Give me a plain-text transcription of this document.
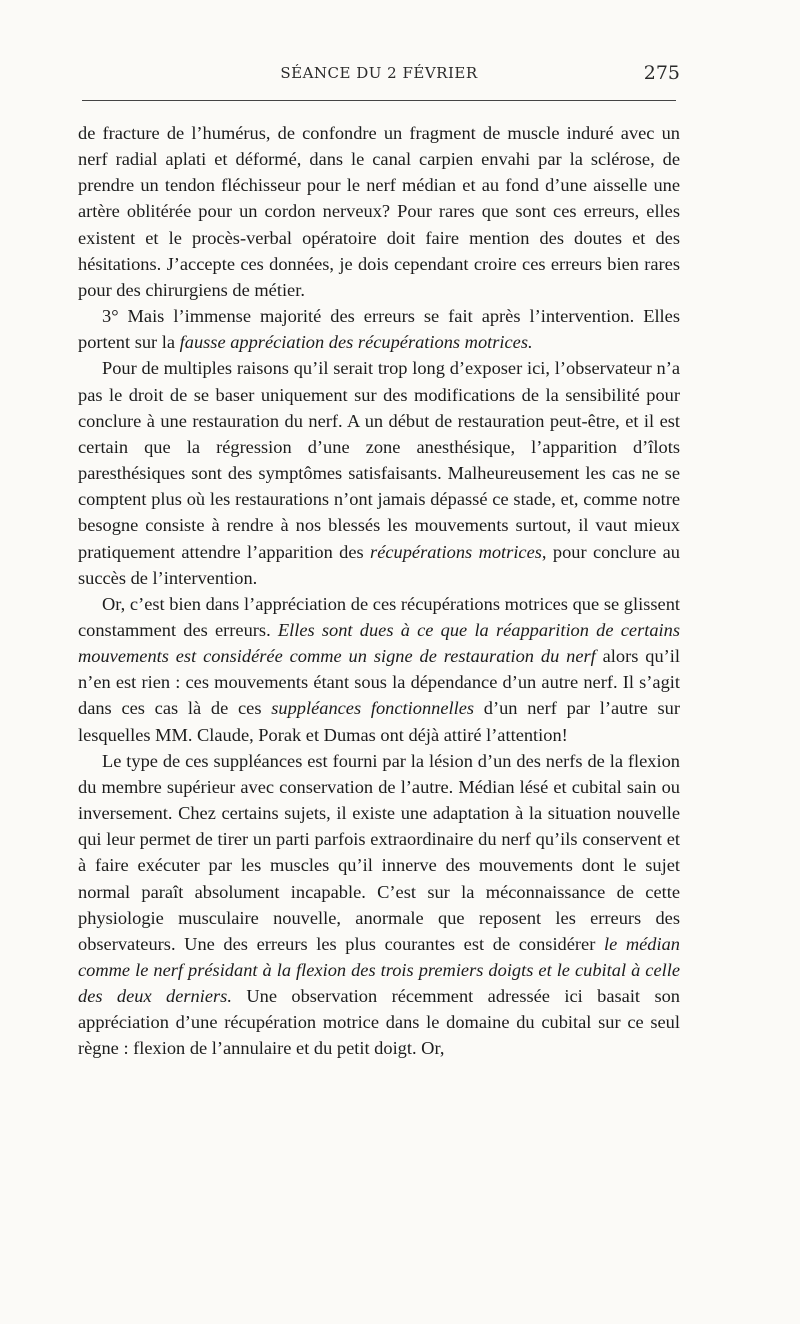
SÉANCE DU 2 FÉVRIER	275

de fracture de l’humérus, de confondre un fragment de muscle induré avec un nerf radial aplati et déformé, dans le canal carpien envahi par la sclérose, de prendre un tendon fléchisseur pour le nerf médian et au fond d’une aisselle une artère oblitérée pour un cordon nerveux? Pour rares que sont ces erreurs, elles existent et le procès-verbal opératoire doit faire mention des doutes et des hésitations. J’accepte ces données, je dois cependant croire ces erreurs bien rares pour des chirurgiens de métier.

3° Mais l’immense majorité des erreurs se fait après l’intervention. Elles portent sur la fausse appréciation des récupérations motrices.

Pour de multiples raisons qu’il serait trop long d’exposer ici, l’observateur n’a pas le droit de se baser uniquement sur des modifications de la sensibilité pour conclure à une restauration du nerf. A un début de restauration peut-être, et il est certain que la régression d’une zone anesthésique, l’apparition d’îlots paresthésiques sont des symptômes satisfaisants. Malheureusement les cas ne se comptent plus où les restaurations n’ont jamais dépassé ce stade, et, comme notre besogne consiste à rendre à nos blessés les mouvements surtout, il vaut mieux pratiquement attendre l’apparition des récupérations motrices, pour conclure au succès de l’intervention.

Or, c’est bien dans l’appréciation de ces récupérations motrices que se glissent constamment des erreurs. Elles sont dues à ce que la réapparition de certains mouvements est considérée comme un signe de restauration du nerf alors qu’il n’en est rien : ces mouvements étant sous la dépendance d’un autre nerf. Il s’agit dans ces cas là de ces suppléances fonctionnelles d’un nerf par l’autre sur lesquelles MM. Claude, Porak et Dumas ont déjà attiré l’attention!

Le type de ces suppléances est fourni par la lésion d’un des nerfs de la flexion du membre supérieur avec conservation de l’autre. Médian lésé et cubital sain ou inversement. Chez certains sujets, il existe une adaptation à la situation nouvelle qui leur permet de tirer un parti parfois extraordinaire du nerf qu’ils conservent et à faire exécuter par les muscles qu’il innerve des mouvements dont le sujet normal paraît absolument incapable. C’est sur la méconnaissance de cette physiologie musculaire nouvelle, anormale que reposent les erreurs des observateurs. Une des erreurs les plus courantes est de considérer le médian comme le nerf présidant à la flexion des trois premiers doigts et le cubital à celle des deux derniers. Une observation récemment adressée ici basait son appréciation d’une récupération motrice dans le domaine du cubital sur ce seul règne : flexion de l’annulaire et du petit doigt. Or,
